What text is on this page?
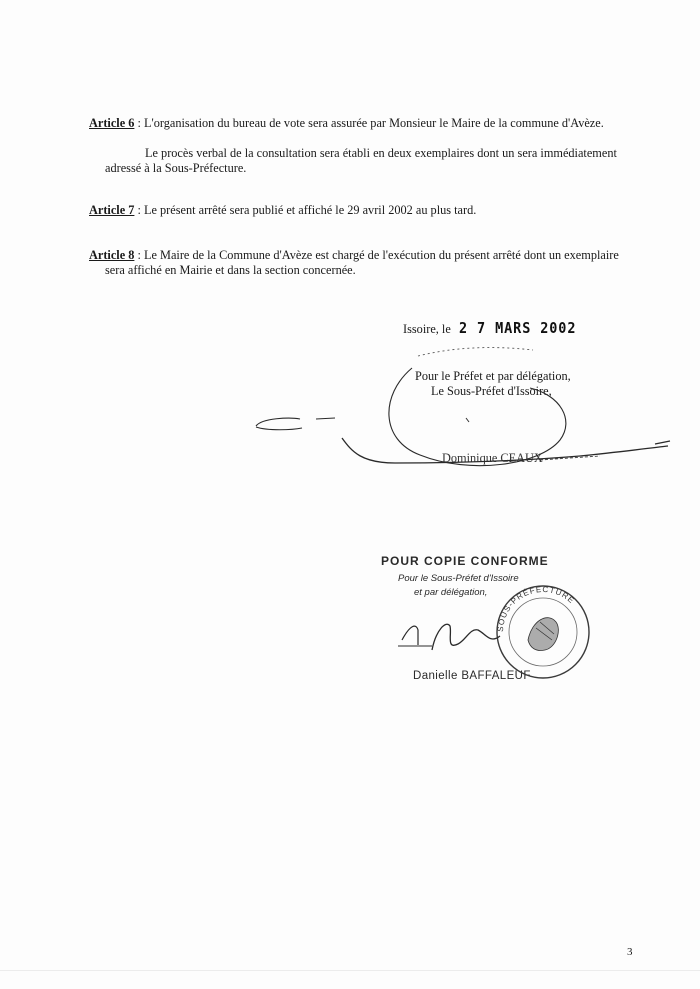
Article 6 : L'organisation du bureau de vote sera assurée par Monsieur le Maire de la commune d'Avèze.
Le procès verbal de la consultation sera établi en deux exemplaires dont un sera immédiatement
adressé à la Sous-Préfecture.
Article 7 : Le présent arrêté sera publié et affiché le 29 avril 2002 au plus tard.
Article 8 : Le Maire de la Commune d'Avèze est chargé de l'exécution du présent arrêté dont un exemplaire
sera affiché en Mairie et dans la section concernée.
Issoire, le 2 7 MARS 2002
Pour le Préfet et par délégation,
Le Sous-Préfet d'Issoire,
Dominique CEAUX
POUR COPIE CONFORME
Pour le Sous-Préfet d'Issoire
et par délégation,
Danielle BAFFALEUF
SOUS-PRÉFECTURE
3
